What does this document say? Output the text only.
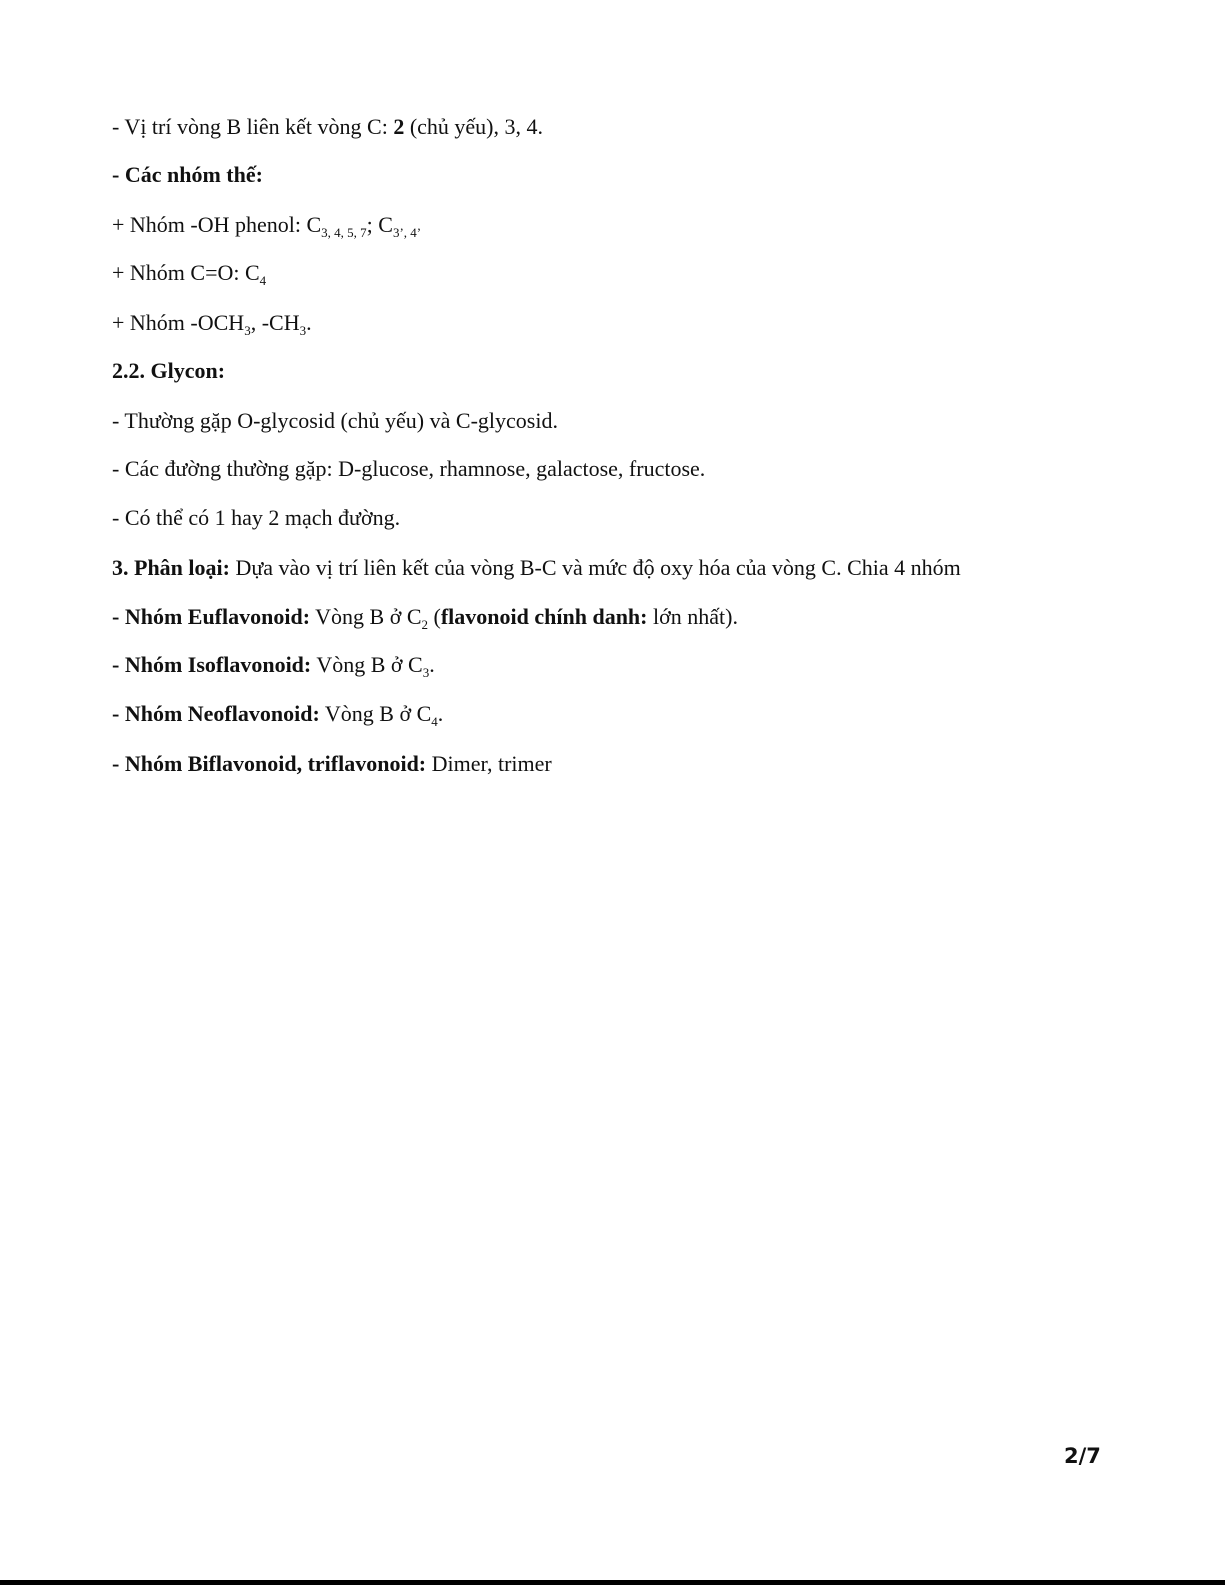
- Vị trí vòng B liên kết vòng C: 2 (chủ yếu), 3, 4.
- Các nhóm thế:
+ Nhóm -OH phenol: $C_{3, 4, 5, 7}$; $C_{3’, 4’}$
+ Nhóm C=O: $C_4$
+ Nhóm $-OCH_3$, $-CH_3$.
2.2. Glycon:
- Thường gặp O-glycosid (chủ yếu) và C-glycosid.
- Các đường thường gặp: D-glucose, rhamnose, galactose, fructose.
- Có thể có 1 hay 2 mạch đường.
3. Phân loại: Dựa vào vị trí liên kết của vòng B-C và mức độ oxy hóa của vòng C. Chia 4 nhóm
- Nhóm Euflavonoid: Vòng B ở $C_2$ (flavonoid chính danh: lớn nhất).
- Nhóm Isoflavonoid: Vòng B ở $C_3$.
- Nhóm Neoflavonoid: Vòng B ở $C_4$.
- Nhóm Biflavonoid, triflavonoid: Dimer, trimer
2/7
